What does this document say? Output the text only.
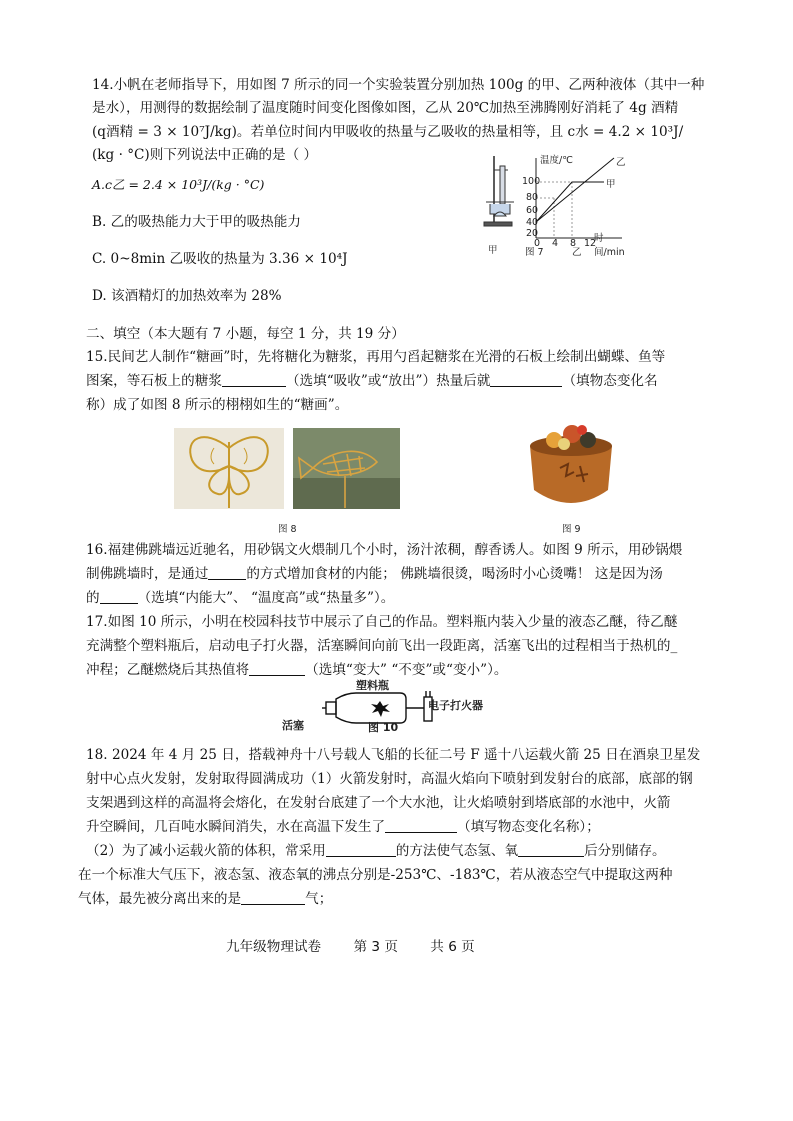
14.小帆在老师指导下，用如图 7 所示的同一个实验装置分别加热 100g 的甲、乙两种液体（其中一种
是水），用测得的数据绘制了温度随时间变化图像如图，乙从 20℃加热至沸腾刚好消耗了 4g 酒精
(q酒精 = 3 × 10⁷J/kg)。若单位时间内甲吸收的热量与乙吸收的热量相等，且 c水 = 4.2 × 10³J/
(kg · °C)则下列说法中正确的是（ ）
A.c乙 = 2.4 × 10³J/(kg · °C)
B. 乙的吸热能力大于甲的吸热能力
C. 0~8min 乙吸收的热量为 3.36 × 10⁴J
D. 该酒精灯的加热效率为 28%
温度/℃	乙
甲
100
80
60
40
20
0 4 8 12
时间/min
甲	乙
图 7
二、填空（本大题有 7 小题，每空 1 分，共 19 分）
15.民间艺人制作“糖画”时，先将糖化为糖浆，再用勺舀起糖浆在光滑的石板上绘制出蝴蝶、鱼等
图案，等石板上的糖浆	（选填“吸收”或“放出”）热量后就	（填物态变化名
称）成了如图 8 所示的栩栩如生的“糖画”。
图 8	图 9
16.福建佛跳墙远近驰名，用砂锅文火煨制几个小时，汤汁浓稠，醇香诱人。如图 9 所示，用砂锅煨
制佛跳墙时，是通过	的方式增加食材的内能； 佛跳墙很烫，喝汤时小心烫嘴！ 这是因为汤
的	（选填“内能大”、 “温度高”或“热量多”）。
17.如图 10 所示，小明在校园科技节中展示了自己的作品。塑料瓶内装入少量的液态乙醚，待乙醚
充满整个塑料瓶后，启动电子打火器，活塞瞬间向前飞出一段距离，活塞飞出的过程相当于热机的_
冲程；乙醚燃烧后其热值将	（选填“变大” “不变”或“变小”）。
塑料瓶
电子打火器
活塞	图 10
18. 2024 年 4 月 25 日，搭载神舟十八号载人飞船的长征二号 F 遥十八运载火箭 25 日在酒泉卫星发
射中心点火发射，发射取得圆满成功（1）火箭发射时，高温火焰向下喷射到发射台的底部，底部的钢
支架遇到这样的高温将会熔化，在发射台底建了一个大水池，让火焰喷射到塔底部的水池中，火箭
升空瞬间，几百吨水瞬间消失，水在高温下发生了	（填写物态变化名称）；
（2）为了减小运载火箭的体积，常采用	的方法使气态氢、氧	后分别储存。
在一个标准大气压下，液态氢、液态氧的沸点分别是-253℃、-183℃，若从液态空气中提取这两种
气体，最先被分离出来的是	气；
九年级物理试卷 第 3 页 共 6 页
